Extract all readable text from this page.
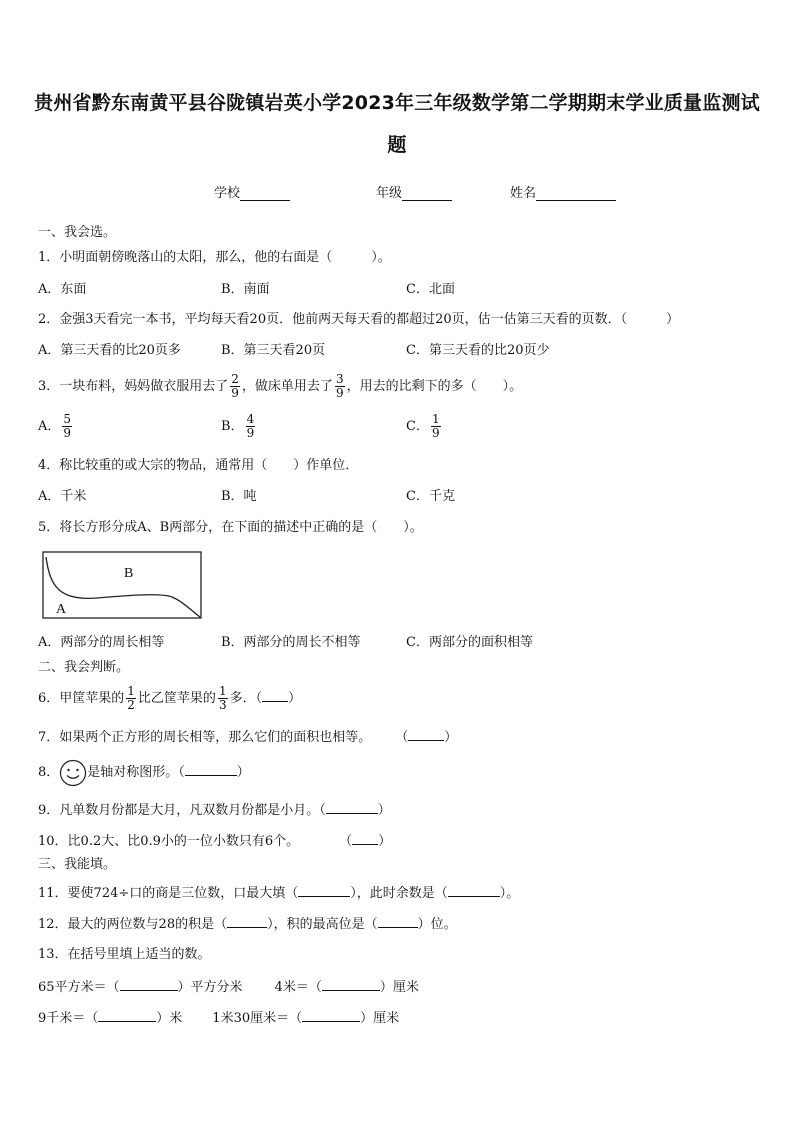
贵州省黔东南黄平县谷陇镇岩英小学2023年三年级数学第二学期期末学业质量监测试
题
学校	年级	姓名
一、我会选。
1．小明面朝傍晚落山的太阳，那么，他的右面是（　　　）。
A．东面	B．南面	C．北面
2．金强3天看完一本书，平均每天看20页．他前两天每天看的都超过20页，估一估第三天看的页数．（　　　）
A．第三天看的比20页多	B．第三天看20页	C．第三天看的比20页少
3．一块布料，妈妈做衣服用去了 $\frac{2}{9}$ ，做床单用去了 $\frac{3}{9}$ ，用去的比剩下的多（　　）。
A． $\frac{5}{9}$	B． $\frac{4}{9}$	C． $\frac{1}{9}$
4．称比较重的或大宗的物品，通常用（　　）作单位．
A．千米	B．吨	C．千克
5．将长方形分成A、B两部分，在下面的描述中正确的是（　　）。
B
A
A．两部分的周长相等	B．两部分的周长不相等	C．两部分的面积相等
二、我会判断。
6．甲筐苹果的 $\frac{1}{2}$ 比乙筐苹果的 $\frac{1}{3}$ 多．（ ）
7．如果两个正方形的周长相等，那么它们的面积也相等。 （	）
8． 是轴对称图形。（	）
9．凡单数月份都是大月，凡双数月份都是小月。（	）
10．比0.2大、比0.9小的一位小数只有6个。	（ ）
三、我能填。
11．要使724÷口的商是三位数，口最大填（	），此时余数是（	）。
12．最大的两位数与28的积是（	），积的最高位是（	）位。
13．在括号里填上适当的数。
65平方米＝（	）平方分米 4米＝（	）厘米
9千米＝（	）米 1米30厘米＝（	）厘米
